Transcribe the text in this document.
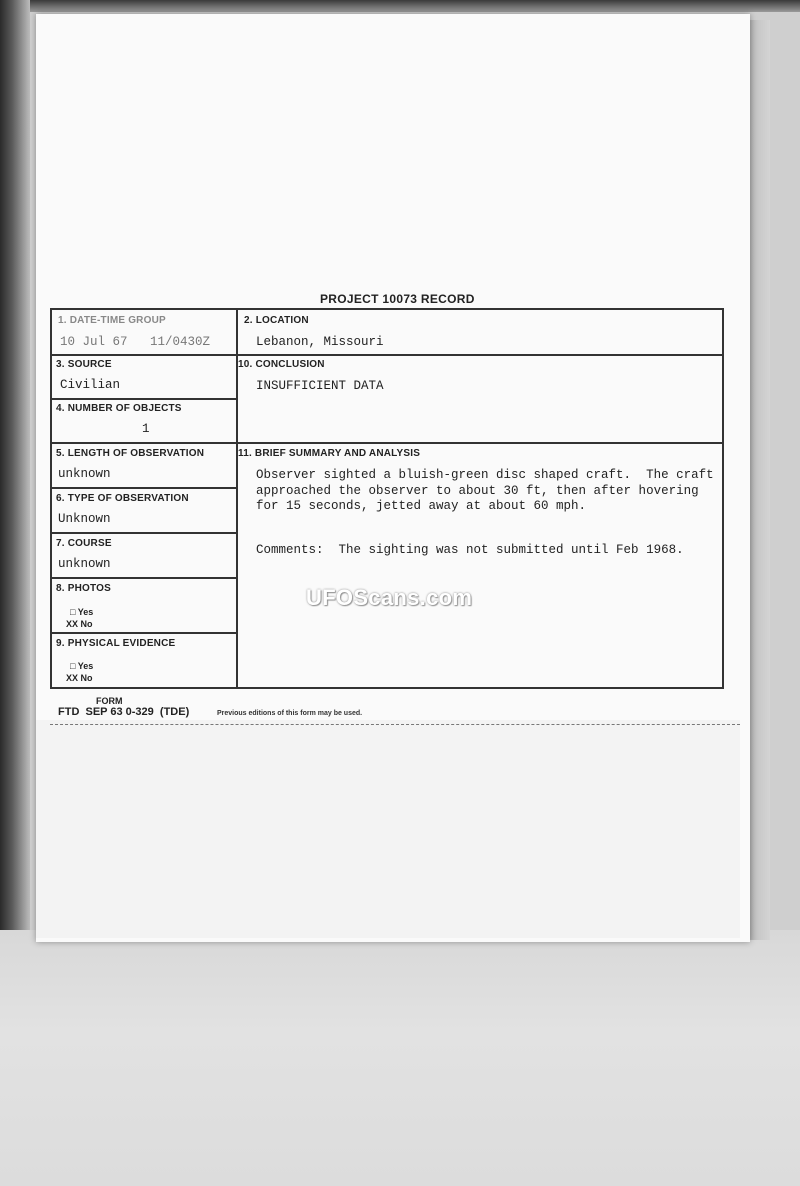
PROJECT 10073 RECORD
1. DATE-TIME GROUP
10 Jul 67   11/0430Z
2. LOCATION
Lebanon, Missouri
3. SOURCE
Civilian
10. CONCLUSION
INSUFFICIENT DATA
4. NUMBER OF OBJECTS
1
5. LENGTH OF OBSERVATION
unknown
11. BRIEF SUMMARY AND ANALYSIS
Observer sighted a bluish-green disc shaped craft.  The craft
approached the observer to about 30 ft, then after hovering
for 15 seconds, jetted away at about 60 mph.
Comments:  The sighting was not submitted until Feb 1968.
6. TYPE OF OBSERVATION
Unknown
7. COURSE
unknown
8. PHOTOS
□ Yes
XX No
9. PHYSICAL EVIDENCE
□ Yes
XX No
UFOScans.com
FORM
FTD  SEP 63 0-329  (TDE)	Previous editions of this form may be used.
